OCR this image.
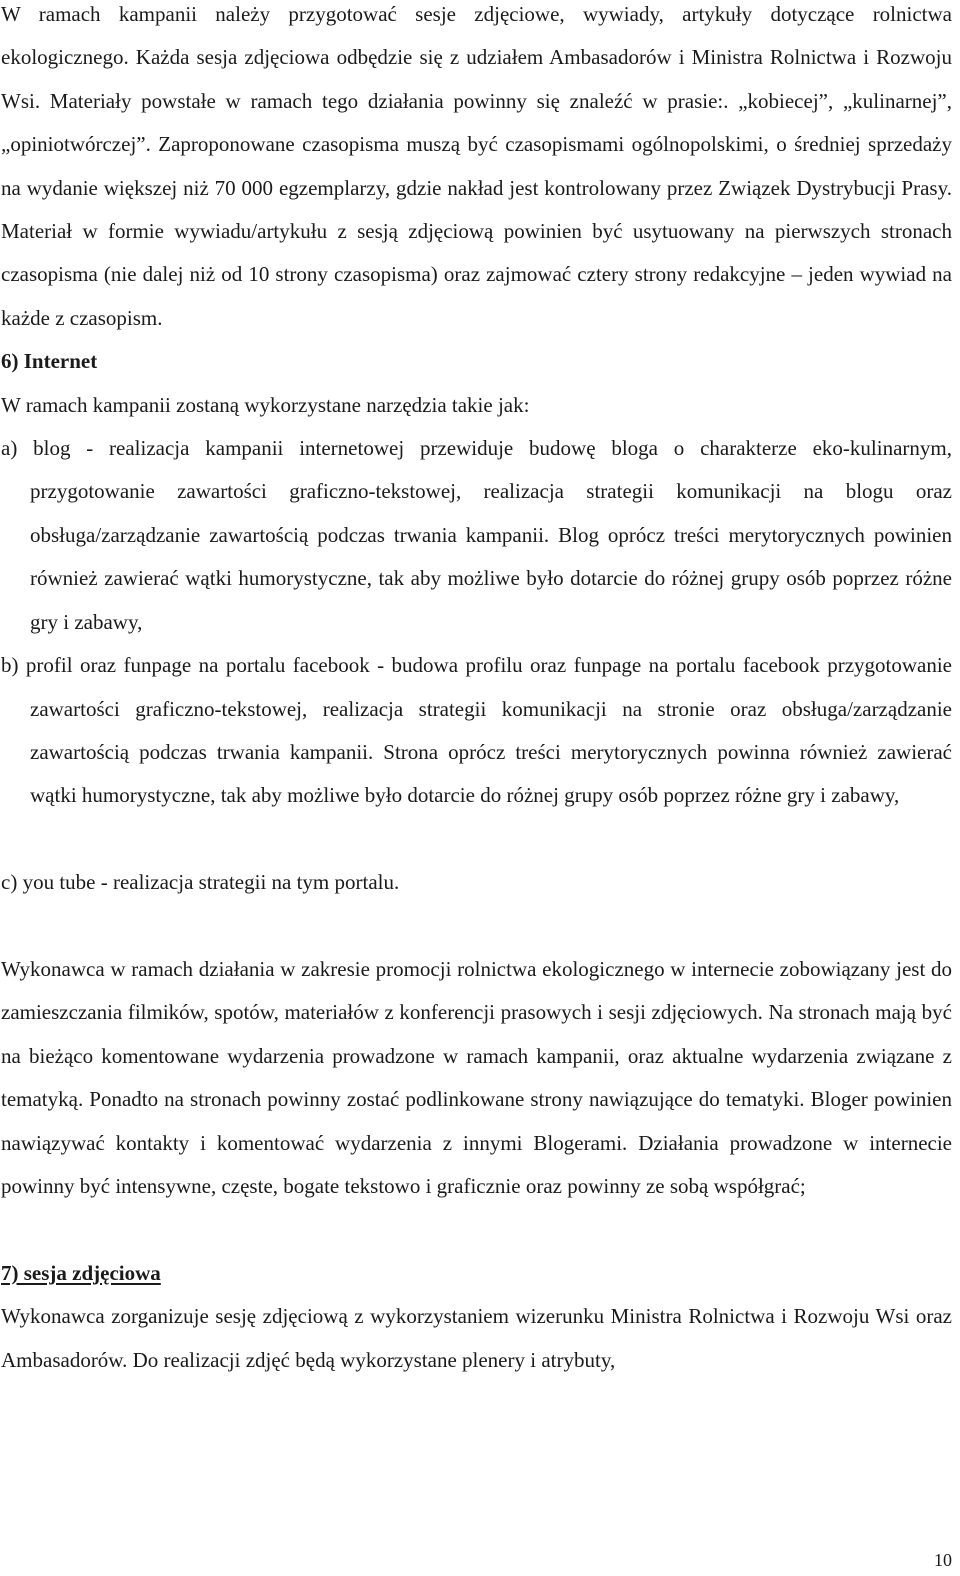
W ramach kampanii należy przygotować sesje zdjęciowe, wywiady, artykuły dotyczące rolnictwa ekologicznego. Każda sesja zdjęciowa odbędzie się z udziałem Ambasadorów i Ministra Rolnictwa i Rozwoju Wsi. Materiały powstałe w ramach tego działania powinny się znaleźć w prasie:. „kobiecej”, „kulinarnej”, „opiniotwórczej”. Zaproponowane czasopisma muszą być czasopismami ogólnopolskimi, o średniej sprzedaży na wydanie większej niż 70 000 egzemplarzy, gdzie nakład jest kontrolowany przez Związek Dystrybucji Prasy. Materiał w formie wywiadu/artykułu z sesją zdjęciową powinien być usytuowany na pierwszych stronach czasopisma (nie dalej niż od 10 strony czasopisma) oraz zajmować cztery strony redakcyjne – jeden wywiad na każde z czasopism.

6) Internet

W ramach kampanii zostaną wykorzystane narzędzia takie jak:

a) blog - realizacja kampanii internetowej przewiduje budowę bloga o charakterze eko-kulinarnym, przygotowanie zawartości graficzno-tekstowej, realizacja strategii komunikacji na blogu oraz obsługa/zarządzanie zawartością podczas trwania kampanii. Blog oprócz treści merytorycznych powinien również zawierać wątki humorystyczne, tak aby możliwe było dotarcie do różnej grupy osób poprzez różne gry i zabawy,

b) profil oraz funpage na portalu facebook - budowa profilu oraz funpage na portalu facebook przygotowanie zawartości graficzno-tekstowej, realizacja strategii komunikacji na stronie oraz obsługa/zarządzanie zawartością podczas trwania kampanii. Strona oprócz treści merytorycznych powinna również zawierać wątki humorystyczne, tak aby możliwe było dotarcie do różnej grupy osób poprzez różne gry i zabawy,

c) you tube - realizacja strategii na tym portalu.

Wykonawca w ramach działania w zakresie promocji rolnictwa ekologicznego w internecie zobowiązany jest do zamieszczania filmików, spotów, materiałów z konferencji prasowych i sesji zdjęciowych. Na stronach mają być na bieżąco komentowane wydarzenia prowadzone w ramach kampanii, oraz aktualne wydarzenia związane z tematyką. Ponadto na stronach powinny zostać podlinkowane strony nawiązujące do tematyki. Bloger powinien nawiązywać kontakty i komentować wydarzenia z innymi Blogerami. Działania prowadzone w internecie powinny być intensywne, częste, bogate tekstowo i graficznie oraz powinny ze sobą współgrać;

7) sesja zdjęciowa

Wykonawca zorganizuje sesję zdjęciową z wykorzystaniem wizerunku Ministra Rolnictwa i Rozwoju Wsi oraz Ambasadorów. Do realizacji zdjęć będą wykorzystane plenery i atrybuty,

10
